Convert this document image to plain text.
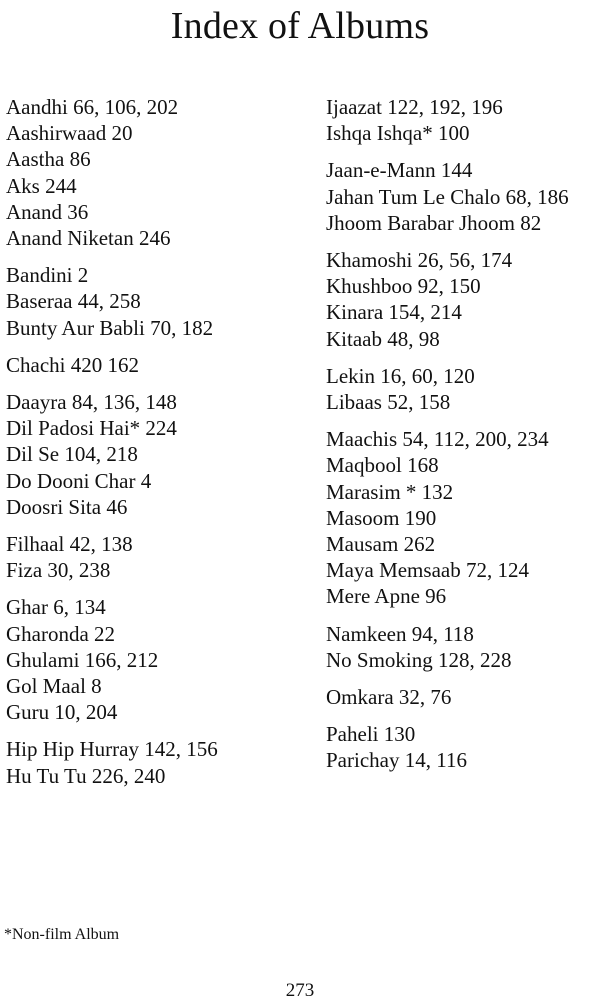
Index of Albums
Aandhi 66, 106, 202
Aashirwaad 20
Aastha 86
Aks 244
Anand 36
Anand Niketan 246
Bandini 2
Baseraa 44, 258
Bunty Aur Babli 70, 182
Chachi 420 162
Daayra 84, 136, 148
Dil Padosi Hai* 224
Dil Se 104, 218
Do Dooni Char 4
Doosri Sita 46
Filhaal 42, 138
Fiza 30, 238
Ghar 6, 134
Gharonda 22
Ghulami 166, 212
Gol Maal 8
Guru 10, 204
Hip Hip Hurray 142, 156
Hu Tu Tu 226, 240
Ijaazat 122, 192, 196
Ishqa Ishqa* 100
Jaan-e-Mann 144
Jahan Tum Le Chalo 68, 186
Jhoom Barabar Jhoom 82
Khamoshi 26, 56, 174
Khushboo 92, 150
Kinara 154, 214
Kitaab 48, 98
Lekin 16, 60, 120
Libaas 52, 158
Maachis 54, 112, 200, 234
Maqbool 168
Marasim * 132
Masoom 190
Mausam 262
Maya Memsaab 72, 124
Mere Apne 96
Namkeen 94, 118
No Smoking 128, 228
Omkara 32, 76
Paheli 130
Parichay 14, 116
*Non-film Album
273
